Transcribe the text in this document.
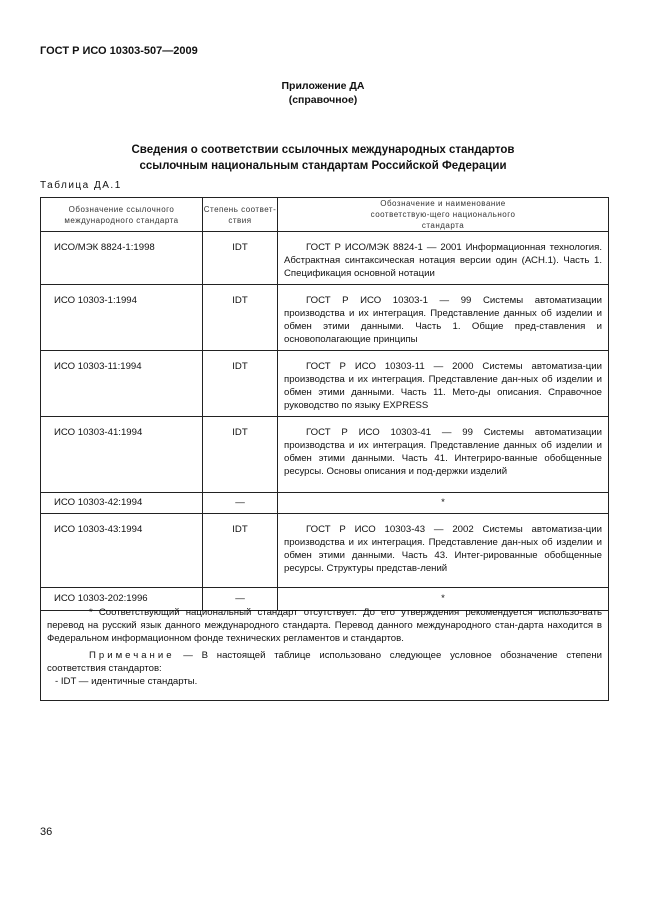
ГОСТ Р ИСО 10303-507—2009
Приложение ДА
(справочное)
Сведения о соответствии ссылочных международных стандартов
ссылочным национальным стандартам Российской Федерации
Таблица ДА.1
Обозначение ссылочного международного стандарта	Степень соответ-ствия	Обозначение и наименование соответствую-щего национального стандарта
ИСО/МЭК 8824-1:1998	IDT	ГОСТ Р ИСО/МЭК 8824-1 — 2001 Информационная технология. Абстрактная синтаксическая нотация версии один (АСН.1). Часть 1. Спецификация основной нотации
ИСО 10303-1:1994	IDT	ГОСТ Р ИСО 10303-1 — 99 Системы автоматизации производства и их интеграция. Представление данных об изделии и обмен этими данными. Часть 1. Общие пред-ставления и основополагающие принципы
ИСО 10303-11:1994	IDT	ГОСТ Р ИСО 10303-11 — 2000 Системы автоматиза-ции производства и их интеграция. Представление дан-ных об изделии и обмен этими данными. Часть 11. Мето-ды описания. Справочное руководство по языку EXPRESS
ИСО 10303-41:1994	IDT	ГОСТ Р ИСО 10303-41 — 99 Системы автоматизации производства и их интеграция. Представление данных об изделии и обмен этими данными. Часть 41. Интегриро-ванные обобщенные ресурсы. Основы описания и под-держки изделий
ИСО 10303-42:1994	—	*
ИСО 10303-43:1994	IDT	ГОСТ Р ИСО 10303-43 — 2002 Системы автоматиза-ции производства и их интеграция. Представление дан-ных об изделии и обмен этими данными. Часть 43. Интег-рированные обобщенные ресурсы. Структуры представ-лений
ИСО 10303-202:1996	—	*

* Соответствующий национальный стандарт отсутствует. До его утверждения рекомендуется использо-вать перевод на русский язык данного международного стандарта. Перевод данного международного стан-дарта находится в Федеральном информационном фонде технических регламентов и стандартов.

Примечание — В настоящей таблице использовано следующее условное обозначение степени соответствия стандартов:

- IDT — идентичные стандарты.

36
